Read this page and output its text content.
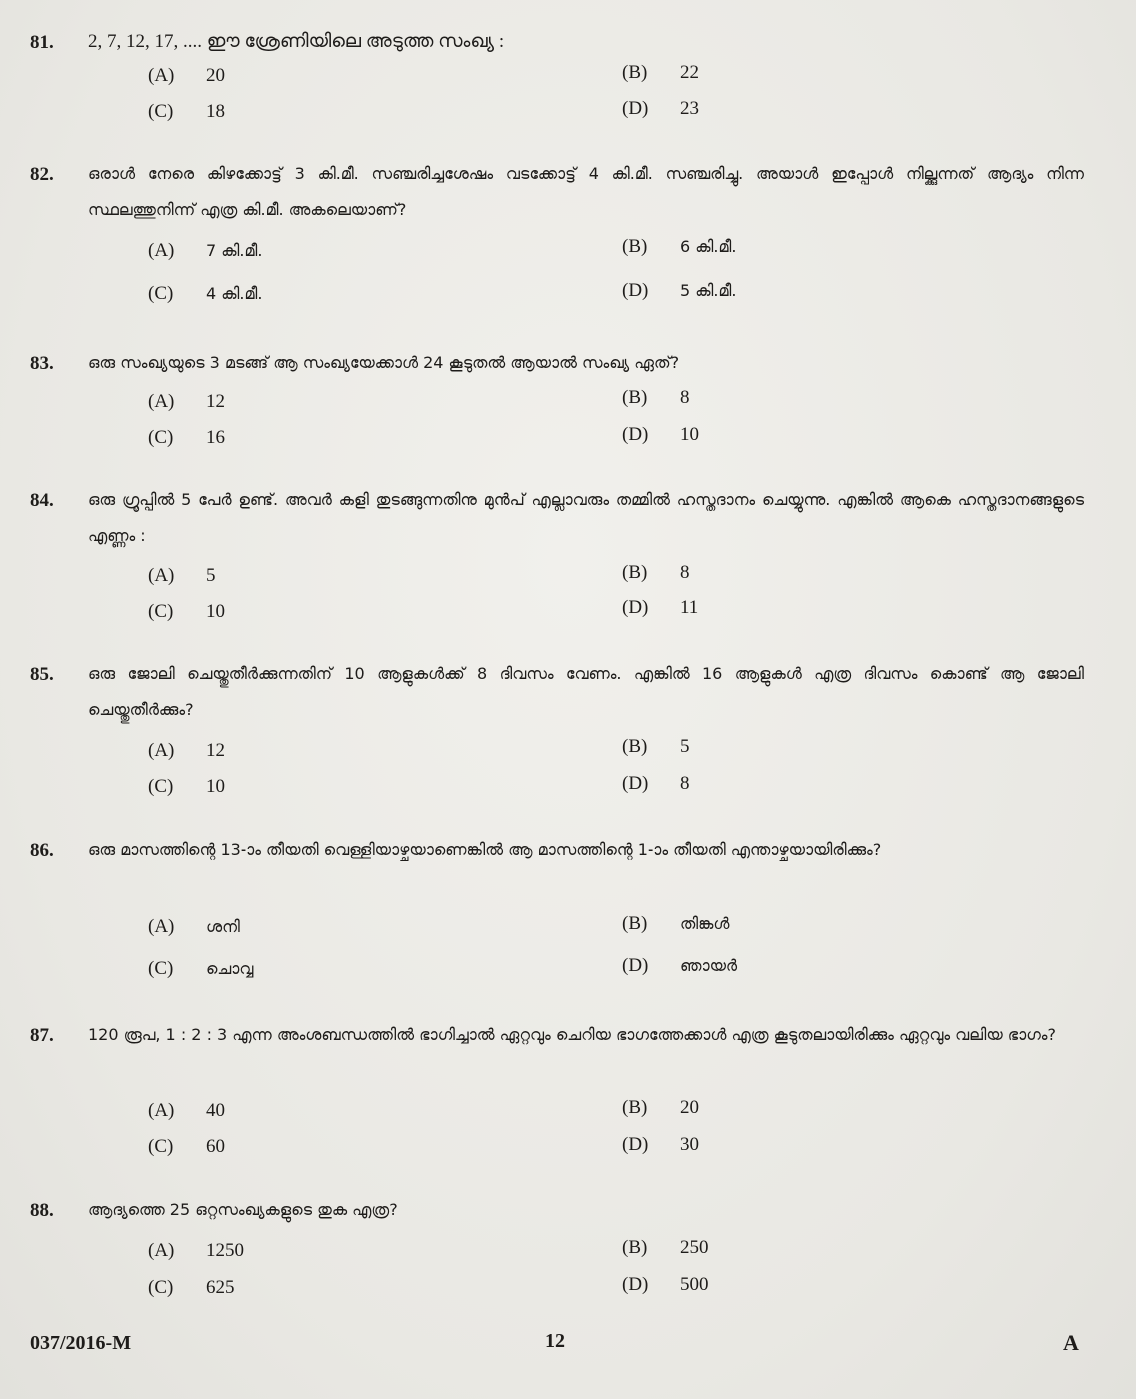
81. 2, 7, 12, 17, .... ഈ ശ്രേണിയിലെ അടുത്ത സംഖ്യ :
(A) 20	(B) 22
(C) 18	(D) 23
82. ഒരാൾ നേരെ കിഴക്കോട്ട് 3 കി.മീ. സഞ്ചരിച്ചശേഷം വടക്കോട്ട് 4 കി.മീ. സഞ്ചരിച്ചു. അയാൾ ഇപ്പോൾ നില്ക്കുന്നത് ആദ്യം നിന്ന സ്ഥലത്തുനിന്ന് എത്ര കി.മീ. അകലെയാണ്?
(A) 7 കി.മീ.	(B) 6 കി.മീ.
(C) 4 കി.മീ.	(D) 5 കി.മീ.
83. ഒരു സംഖ്യയുടെ 3 മടങ്ങ് ആ സംഖ്യയേക്കാൾ 24 കൂടുതൽ ആയാൽ സംഖ്യ ഏത്?
(A) 12	(B) 8
(C) 16	(D) 10
84. ഒരു ഗ്രൂപ്പിൽ 5 പേർ ഉണ്ട്. അവർ കളി തുടങ്ങുന്നതിനു മുൻപ് എല്ലാവരും തമ്മിൽ ഹസ്തദാനം ചെയ്യുന്നു. എങ്കിൽ ആകെ ഹസ്തദാനങ്ങളുടെ എണ്ണം :
(A) 5	(B) 8
(C) 10	(D) 11
85. ഒരു ജോലി ചെയ്തുതീർക്കുന്നതിന് 10 ആളുകൾക്ക് 8 ദിവസം വേണം. എങ്കിൽ 16 ആളുകൾ എത്ര ദിവസം കൊണ്ട് ആ ജോലി ചെയ്തുതീർക്കും?
(A) 12	(B) 5
(C) 10	(D) 8
86. ഒരു മാസത്തിന്റെ 13-ാം തീയതി വെള്ളിയാഴ്ചയാണെങ്കിൽ ആ മാസത്തിന്റെ 1-ാം തീയതി എന്താഴ്ചയായിരിക്കും?
(A) ശനി	(B) തിങ്കൾ
(C) ചൊവ്വ	(D) ഞായർ
87. 120 രൂപ, 1 : 2 : 3 എന്ന അംശബന്ധത്തിൽ ഭാഗിച്ചാൽ ഏറ്റവും ചെറിയ ഭാഗത്തേക്കാൾ എത്ര കൂടുതലായിരിക്കും ഏറ്റവും വലിയ ഭാഗം?
(A) 40	(B) 20
(C) 60	(D) 30
88. ആദ്യത്തെ 25 ഒറ്റസംഖ്യകളുടെ തുക എത്ര?
(A) 1250	(B) 250
(C) 625	(D) 500
037/2016-M	12	A
